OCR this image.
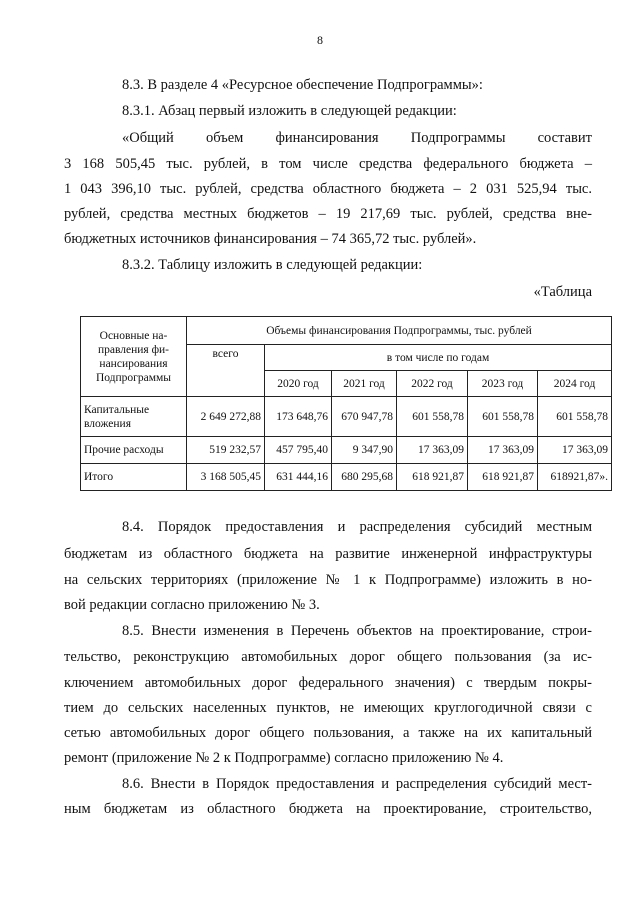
8
8.3. В разделе 4 «Ресурсное обеспечение Подпрограммы»:
8.3.1. Абзац первый изложить в следующей редакции:
«Общий объем финансирования Подпрограммы составит
3 168 505,45 тыс. рублей, в том числе средства федерального бюджета –
1 043 396,10 тыс. рублей, средства областного бюджета – 2 031 525,94 тыс.
рублей, средства местных бюджетов – 19 217,69 тыс. рублей, средства вне-
бюджетных источников финансирования – 74 365,72 тыс. рублей».
8.3.2. Таблицу изложить в следующей редакции:
«Таблица
Основные на-
правления фи-
нансирования
Подпрограммы	Объемы финансирования Подпрограммы, тыс. рублей					
	всего	в том числе по годам				
		2020 год	2021 год	2022 год	2023 год	2024 год
Капитальные вложения	2 649 272,88	173 648,76	670 947,78	601 558,78	601 558,78	601 558,78
Прочие расходы	519 232,57	457 795,40	9 347,90	17 363,09	17 363,09	17 363,09
Итого	3 168 505,45	631 444,16	680 295,68	618 921,87	618 921,87	618921,87».
8.4. Порядок предоставления и распределения субсидий местным
бюджетам из областного бюджета на развитие инженерной инфраструктуры
на сельских территориях (приложение № 1 к Подпрограмме) изложить в но-
вой редакции согласно приложению № 3.
8.5. Внести изменения в Перечень объектов на проектирование, строи-
тельство, реконструкцию автомобильных дорог общего пользования (за ис-
ключением автомобильных дорог федерального значения) с твердым покры-
тием до сельских населенных пунктов, не имеющих круглогодичной связи с
сетью автомобильных дорог общего пользования, а также на их капитальный
ремонт (приложение № 2 к Подпрограмме) согласно приложению № 4.
8.6. Внести в Порядок предоставления и распределения субсидий мест-
ным бюджетам из областного бюджета на проектирование, строительство,
